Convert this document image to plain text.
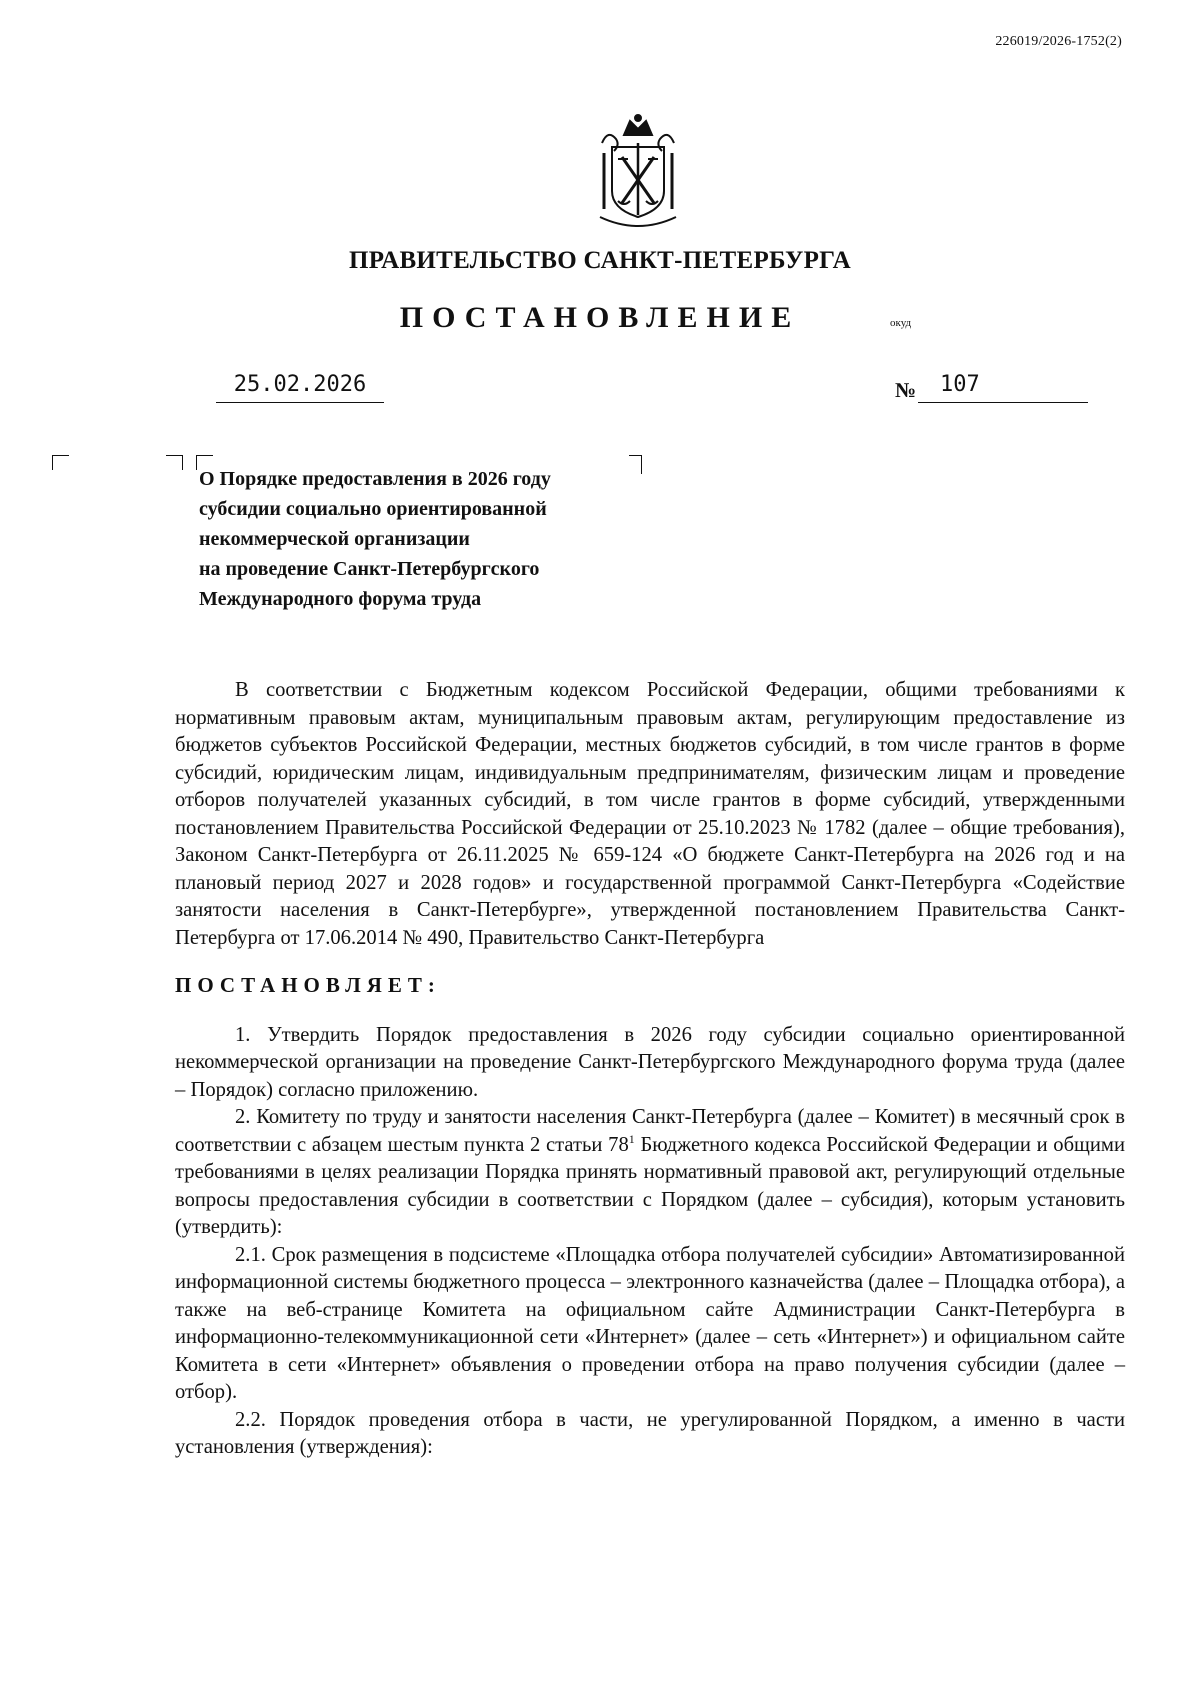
226019/2026-1752(2)
ПРАВИТЕЛЬСТВО САНКТ-ПЕТЕРБУРГА
ПОСТАНОВЛЕНИЕ	окуд
25.02.2026	№ 107
О Порядке предоставления в 2026 году
субсидии социально ориентированной
некоммерческой организации
на проведение Санкт-Петербургского
Международного форума труда
В соответствии с Бюджетным кодексом Российской Федерации, общими требованиями к нормативным правовым актам, муниципальным правовым актам, регулирующим предоставление из бюджетов субъектов Российской Федерации, местных бюджетов субсидий, в том числе грантов в форме субсидий, юридическим лицам, индивидуальным предпринимателям, физическим лицам и проведение отборов получателей указанных субсидий, в том числе грантов в форме субсидий, утвержденными постановлением Правительства Российской Федерации от 25.10.2023 № 1782 (далее – общие требования), Законом Санкт-Петербурга от 26.11.2025 № 659-124 «О бюджете Санкт-Петербурга на 2026 год и на плановый период 2027 и 2028 годов» и государственной программой Санкт-Петербурга «Содействие занятости населения в Санкт-Петербурге», утвержденной постановлением Правительства Санкт-Петербурга от 17.06.2014 № 490, Правительство Санкт-Петербурга
ПОСТАНОВЛЯЕТ:
1. Утвердить Порядок предоставления в 2026 году субсидии социально ориентированной некоммерческой организации на проведение Санкт-Петербургского Международного форума труда (далее – Порядок) согласно приложению.
2. Комитету по труду и занятости населения Санкт-Петербурга (далее – Комитет) в месячный срок в соответствии с абзацем шестым пункта 2 статьи $78^1$ Бюджетного кодекса Российской Федерации и общими требованиями в целях реализации Порядка принять нормативный правовой акт, регулирующий отдельные вопросы предоставления субсидии в соответствии с Порядком (далее – субсидия), которым установить (утвердить):
2.1. Срок размещения в подсистеме «Площадка отбора получателей субсидии» Автоматизированной информационной системы бюджетного процесса – электронного казначейства (далее – Площадка отбора), а также на веб-странице Комитета на официальном сайте Администрации Санкт-Петербурга в информационно-телекоммуникационной сети «Интернет» (далее – сеть «Интернет») и официальном сайте Комитета в сети «Интернет» объявления о проведении отбора на право получения субсидии (далее – отбор).
2.2. Порядок проведения отбора в части, не урегулированной Порядком, а именно в части установления (утверждения):
